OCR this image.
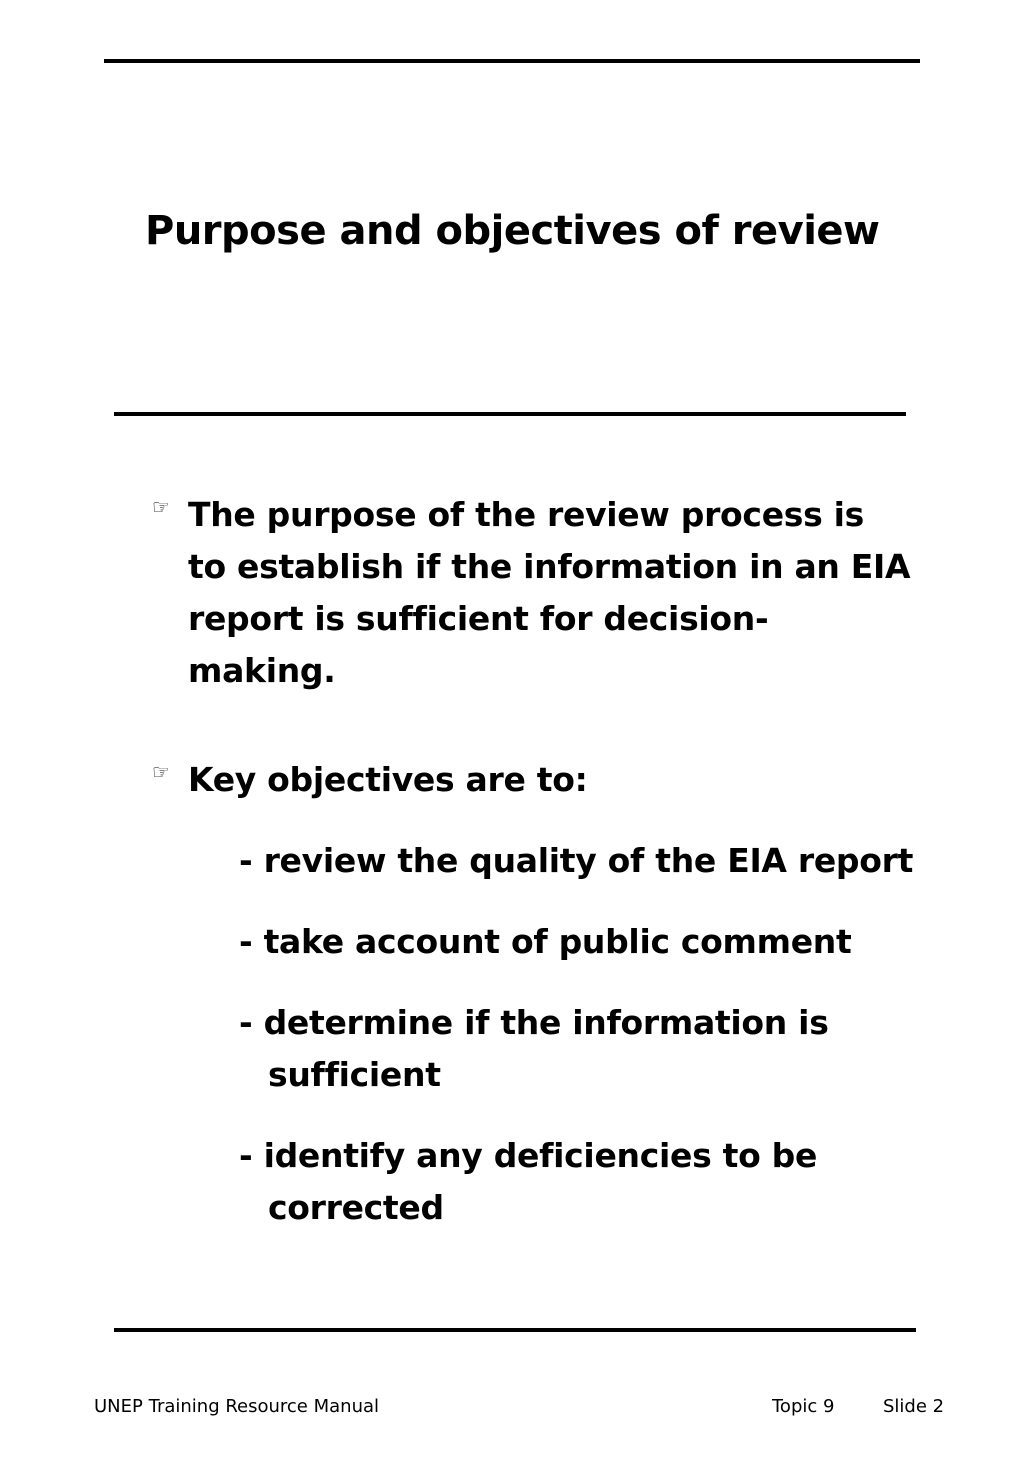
Purpose and objectives of review
☞ The purpose of the review process is to establish if the information in an EIA report is sufficient for decision-making.
☞ Key objectives are to:
- review the quality of the EIA report
- take account of public comment
- determine if the information is sufficient
- identify any deficiencies to be corrected
UNEP Training Resource Manual	Topic 9	Slide 2
